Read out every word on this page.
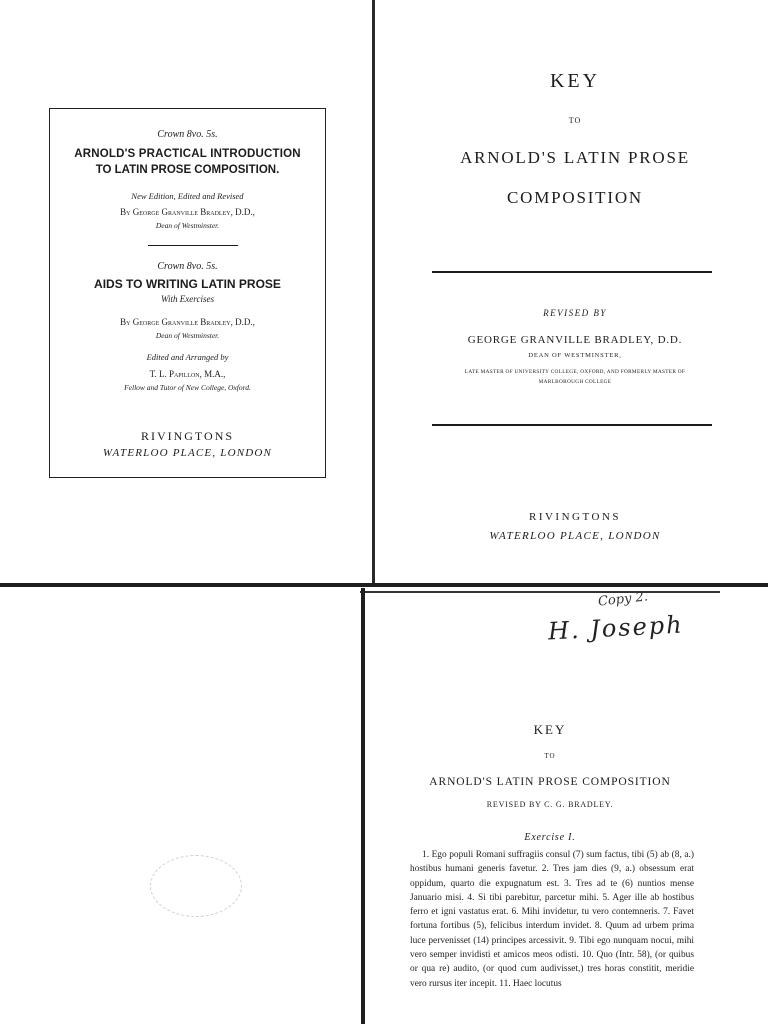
Crown 8vo. 5s.
ARNOLD'S PRACTICAL INTRODUCTION
TO LATIN PROSE COMPOSITION.
New Edition, Edited and Revised
By George Granville Bradley, D.D.,
Dean of Westminster.
Crown 8vo. 5s.
AIDS TO WRITING LATIN PROSE
With Exercises
By George Granville Bradley, D.D.,
Dean of Westminster.
Edited and Arranged by
T. L. Papillon, M.A.,
Fellow and Tutor of New College, Oxford.
RIVINGTONS
WATERLOO PLACE, LONDON
KEY
TO
ARNOLD'S LATIN PROSE
COMPOSITION
REVISED BY
GEORGE GRANVILLE BRADLEY, D.D.
DEAN OF WESTMINSTER,
LATE MASTER OF UNIVERSITY COLLEGE, OXFORD, AND FORMERLY MASTER OF
MARLBOROUGH COLLEGE
RIVINGTONS
WATERLOO PLACE, LONDON
Copy 2.
H. Joseph
KEY
TO
ARNOLD'S LATIN PROSE COMPOSITION
REVISED BY C. G. BRADLEY.
Exercise I.
1. Ego populi Romani suffragiis consul (7) sum factus, tibi (5) ab (8, a.) hostibus humani generis favetur. 2. Tres jam dies (9, a.) obsessum erat oppidum, quarto die expugnatum est. 3. Tres ad te (6) nuntios mense Januario misi. 4. Si tibi parebitur, parcetur mihi. 5. Ager ille ab hostibus ferro et igni vastatus erat. 6. Mihi invidetur, tu vero contemneris. 7. Favet fortuna fortibus (5), felicibus interdum invidet. 8. Quum ad urbem prima luce pervenisset (14) principes arcessivit. 9. Tibi ego nunquam nocui, mihi vero semper invidisti et amicos meos odisti. 10. Quo (Intr. 58), (or quibus or qua re) audito, (or quod cum audivisset,) tres horas constitit, meridie vero rursus iter incepit. 11. Haec locutus
